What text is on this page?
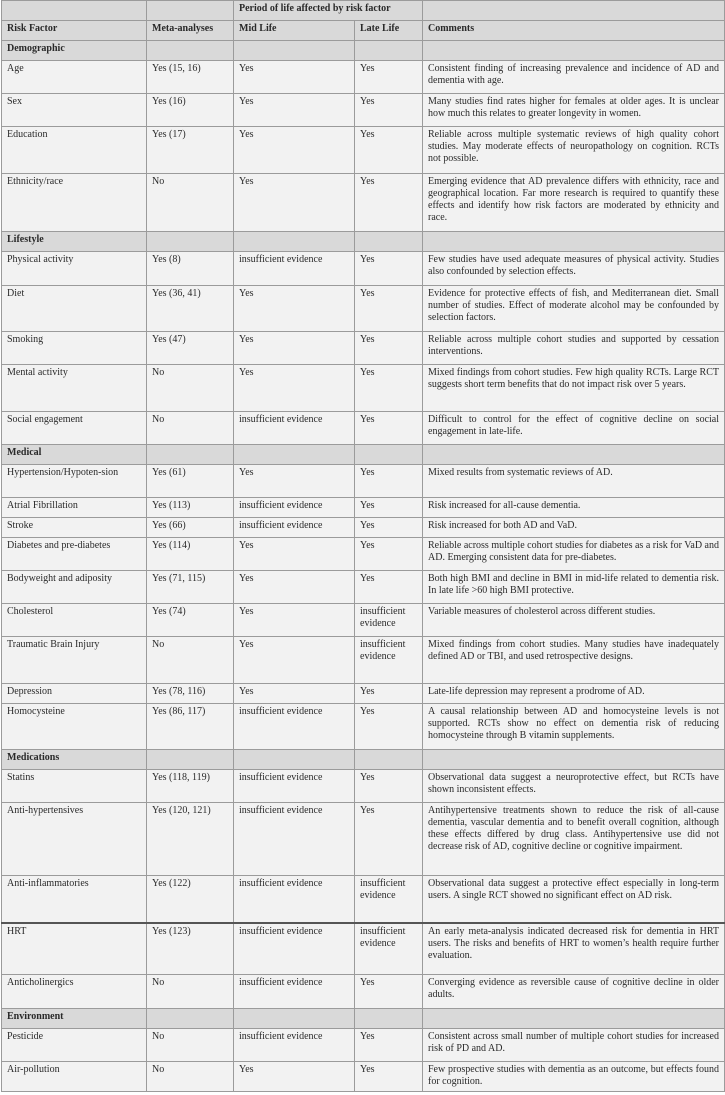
		Period of life affected by risk factor		
Risk Factor	Meta-analyses	Mid Life	Late Life	Comments
Demographic				
Age	Yes (15, 16)	Yes	Yes	Consistent finding of increasing prevalence and incidence of AD and dementia with age.
Sex	Yes (16)	Yes	Yes	Many studies find rates higher for females at older ages. It is unclear how much this relates to greater longevity in women.
Education	Yes (17)	Yes	Yes	Reliable across multiple systematic reviews of high quality cohort studies. May moderate effects of neuropathology on cognition. RCTs not possible.
Ethnicity/race	No	Yes	Yes	Emerging evidence that AD prevalence differs with ethnicity, race and geographical location. Far more research is required to quantify these effects and identify how risk factors are moderated by ethnicity and race.
Lifestyle				
Physical activity	Yes (8)	insufficient evidence	Yes	Few studies have used adequate measures of physical activity. Studies also confounded by selection effects.
Diet	Yes (36, 41)	Yes	Yes	Evidence for protective effects of fish, and Mediterranean diet. Small number of studies. Effect of moderate alcohol may be confounded by selection factors.
Smoking	Yes (47)	Yes	Yes	Reliable across multiple cohort studies and supported by cessation interventions.
Mental activity	No	Yes	Yes	Mixed findings from cohort studies. Few high quality RCTs. Large RCT suggests short term benefits that do not impact risk over 5 years.
Social engagement	No	insufficient evidence	Yes	Difficult to control for the effect of cognitive decline on social engagement in late-life.
Medical				
Hypertension/Hypoten-sion	Yes (61)	Yes	Yes	Mixed results from systematic reviews of AD.
Atrial Fibrillation	Yes (113)	insufficient evidence	Yes	Risk increased for all-cause dementia.
Stroke	Yes (66)	insufficient evidence	Yes	Risk increased for both AD and VaD.
Diabetes and pre-diabetes	Yes (114)	Yes	Yes	Reliable across multiple cohort studies for diabetes as a risk for VaD and AD. Emerging consistent data for pre-diabetes.
Bodyweight and adiposity	Yes (71, 115)	Yes	Yes	Both high BMI and decline in BMI in mid-life related to dementia risk. In late life >60 high BMI protective.
Cholesterol	Yes (74)	Yes	insufficient evidence	Variable measures of cholesterol across different studies.
Traumatic Brain Injury	No	Yes	insufficient evidence	Mixed findings from cohort studies. Many studies have inadequately defined AD or TBI, and used retrospective designs.
Depression	Yes (78, 116)	Yes	Yes	Late-life depression may represent a prodrome of AD.
Homocysteine	Yes (86, 117)	insufficient evidence	Yes	A causal relationship between AD and homocysteine levels is not supported. RCTs show no effect on dementia risk of reducing homocysteine through B vitamin supplements.
Medications				
Statins	Yes (118, 119)	insufficient evidence	Yes	Observational data suggest a neuroprotective effect, but RCTs have shown inconsistent effects.
Anti-hypertensives	Yes (120, 121)	insufficient evidence	Yes	Antihypertensive treatments shown to reduce the risk of all-cause dementia, vascular dementia and to benefit overall cognition, although these effects differed by drug class. Antihypertensive use did not decrease risk of AD, cognitive decline or cognitive impairment.
Anti-inflammatories	Yes (122)	insufficient evidence	insufficient evidence	Observational data suggest a protective effect especially in long-term users. A single RCT showed no significant effect on AD risk.
HRT	Yes (123)	insufficient evidence	insufficient evidence	An early meta-analysis indicated decreased risk for dementia in HRT users. The risks and benefits of HRT to women’s health require further evaluation.
Anticholinergics	No	insufficient evidence	Yes	Converging evidence as reversible cause of cognitive decline in older adults.
Environment				
Pesticide	No	insufficient evidence	Yes	Consistent across small number of multiple cohort studies for increased risk of PD and AD.
Air-pollution	No	Yes	Yes	Few prospective studies with dementia as an outcome, but effects found for cognition.
